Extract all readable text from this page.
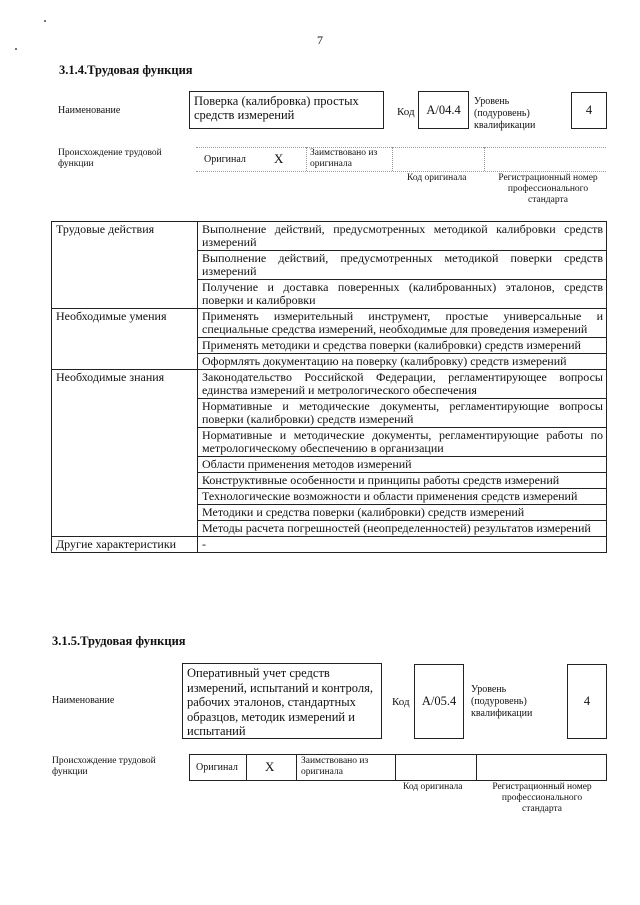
7
3.1.4.Трудовая функция
Наименование
Поверка (калибровка) простых средств измерений	Код A/04.4
Уровень (подуровень) квалификации
4
Происхождение трудовой функции	Оригинал X	Заимствовано из оригинала
Код оригинала	Регистрационный номер профессионального стандарта
Трудовые действия	Выполнение действий, предусмотренных методикой калибровки средств измерений
	Выполнение действий, предусмотренных методикой поверки средств измерений
	Получение и доставка поверенных (калиброванных) эталонов, средств поверки и калибровки
Необходимые умения	Применять измерительный инструмент, простые универсальные и специальные средства измерений, необходимые для проведения измерений
	Применять методики и средства поверки (калибровки) средств измерений
	Оформлять документацию на поверку (калибровку) средств измерений
Необходимые знания	Законодательство Российской Федерации, регламентирующее вопросы единства измерений и метрологического обеспечения
	Нормативные и методические документы, регламентирующие вопросы поверки (калибровки) средств измерений
	Нормативные и методические документы, регламентирующие работы по метрологическому обеспечению в организации
	Области применения методов измерений
	Конструктивные особенности и принципы работы средств измерений
	Технологические возможности и области применения средств измерений
	Методики и средства поверки (калибровки) средств измерений
	Методы расчета погрешностей (неопределенностей) результатов измерений
Другие характеристики	-
3.1.5.Трудовая функция
Наименование
Оперативный учет средств измерений, испытаний и контроля, рабочих эталонов, стандартных образцов, методик измерений и испытаний
Код A/05.4
Уровень (подуровень) квалификации
4
Происхождение трудовой функции	Оригинал X	Заимствовано из оригинала
Код оригинала	Регистрационный номер профессионального стандарта
